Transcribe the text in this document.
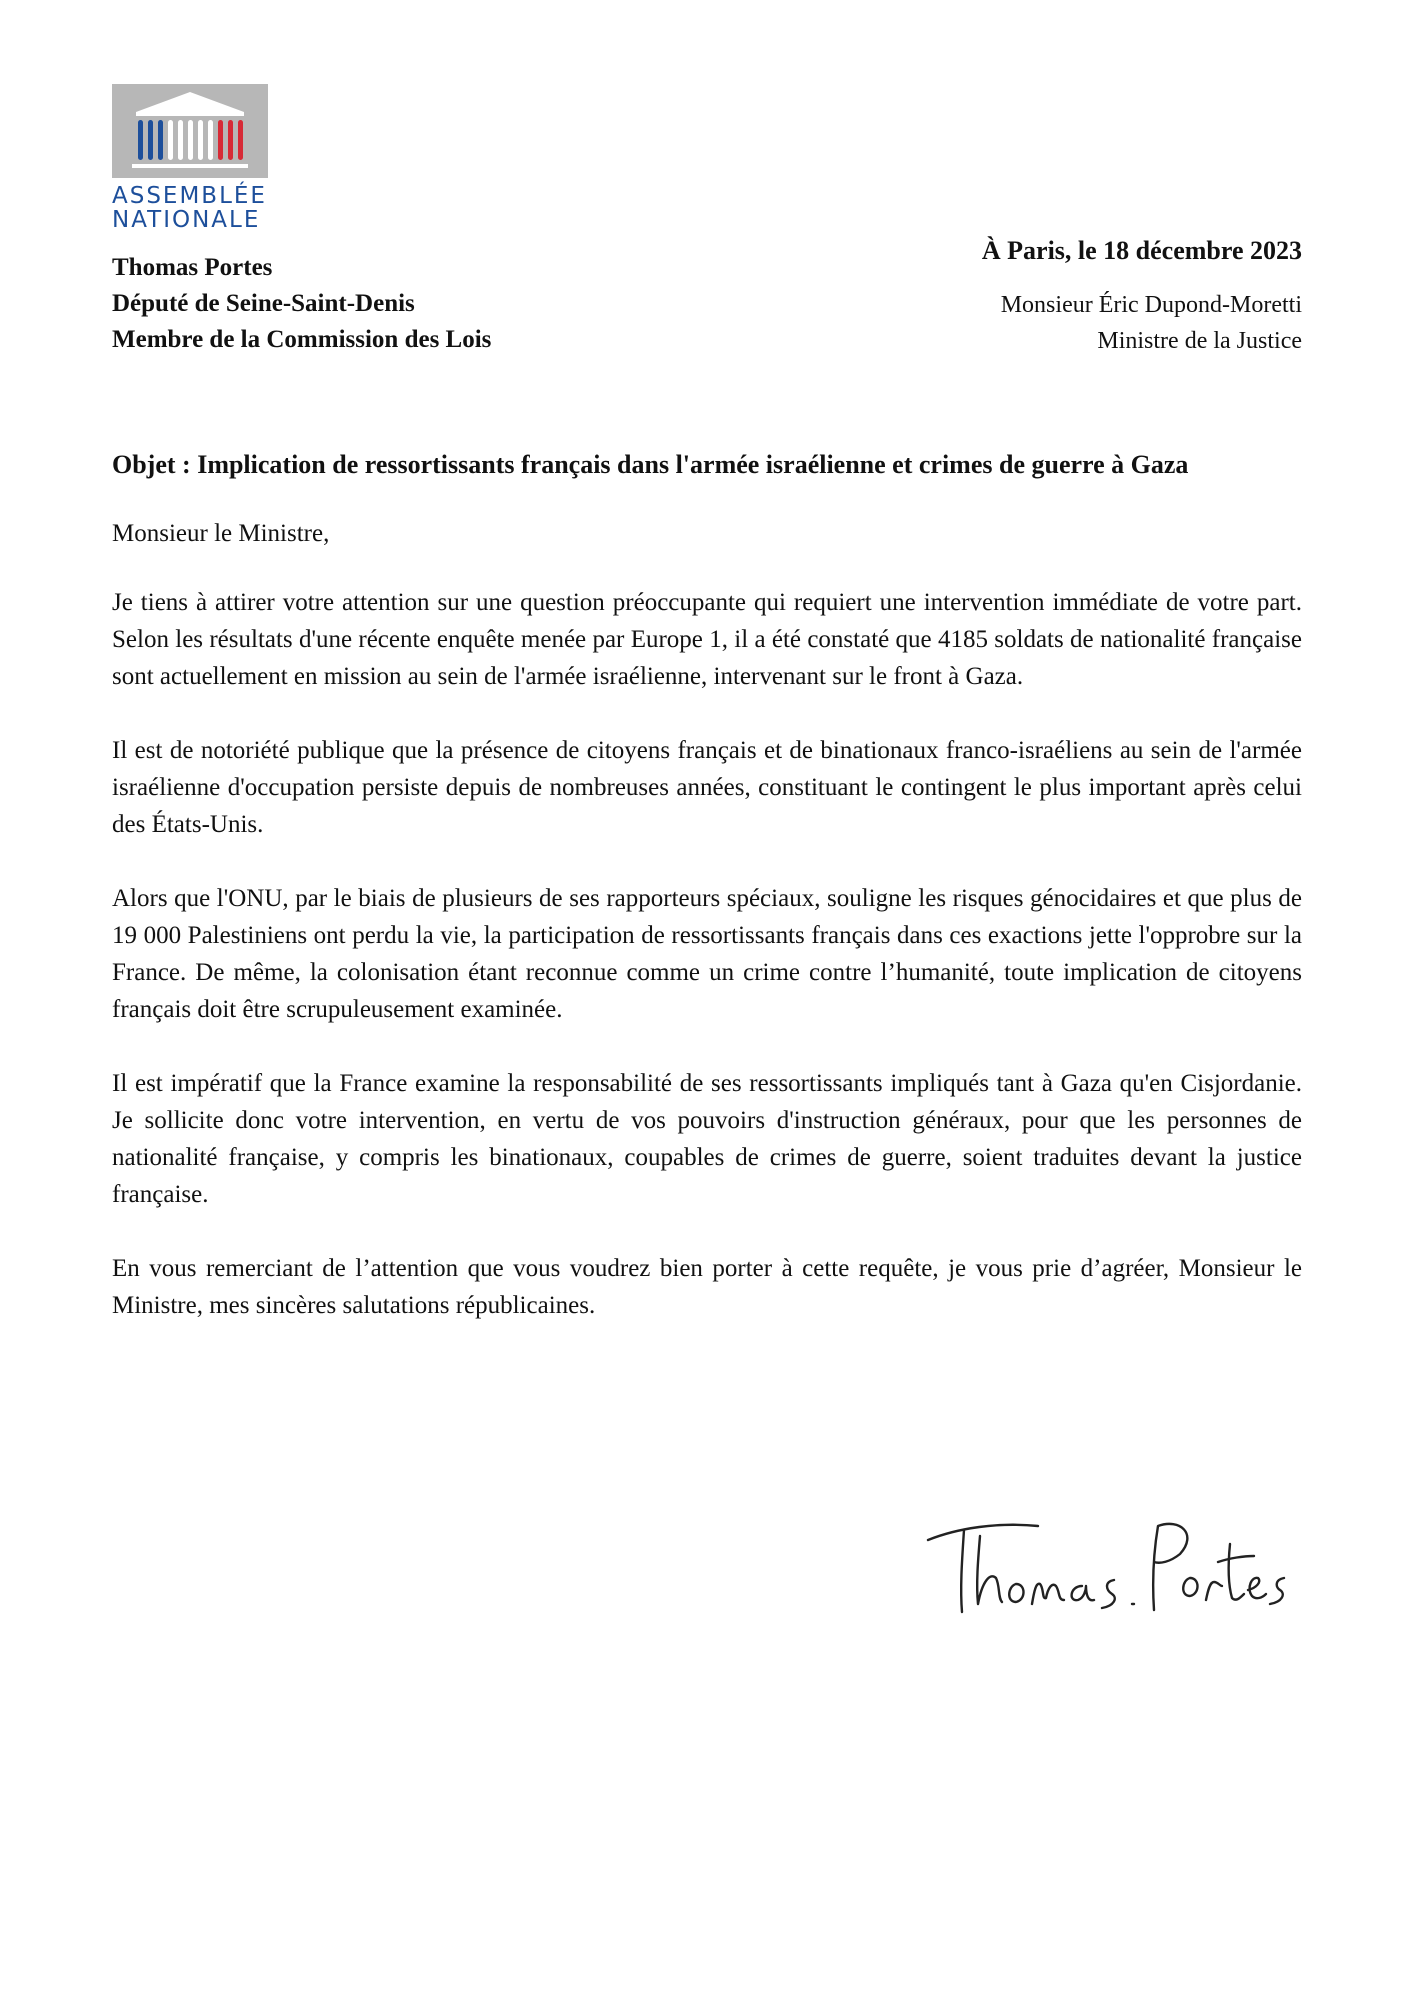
ASSEMBLÉE
NATIONALE
Thomas Portes
Député de Seine-Saint-Denis
Membre de la Commission des Lois
À Paris, le 18 décembre 2023
Monsieur Éric Dupond-Moretti
Ministre de la Justice

Objet : Implication de ressortissants français dans l'armée israélienne et crimes de guerre à Gaza

Monsieur le Ministre,

Je tiens à attirer votre attention sur une question préoccupante qui requiert une intervention immédiate de votre part. Selon les résultats d'une récente enquête menée par Europe 1, il a été constaté que 4185 soldats de nationalité française sont actuellement en mission au sein de l'armée israélienne, intervenant sur le front à Gaza.

Il est de notoriété publique que la présence de citoyens français et de binationaux franco-israéliens au sein de l'armée israélienne d'occupation persiste depuis de nombreuses années, constituant le contingent le plus important après celui des États-Unis.

Alors que l'ONU, par le biais de plusieurs de ses rapporteurs spéciaux, souligne les risques génocidaires et que plus de 19 000 Palestiniens ont perdu la vie, la participation de ressortissants français dans ces exactions jette l'opprobre sur la France. De même, la colonisation étant reconnue comme un crime contre l’humanité, toute implication de citoyens français doit être scrupuleusement examinée.

Il est impératif que la France examine la responsabilité de ses ressortissants impliqués tant à Gaza qu'en Cisjordanie. Je sollicite donc votre intervention, en vertu de vos pouvoirs d'instruction généraux, pour que les personnes de nationalité française, y compris les binationaux, coupables de crimes de guerre, soient traduites devant la justice française.

En vous remerciant de l’attention que vous voudrez bien porter à cette requête, je vous prie d’agréer, Monsieur le Ministre, mes sincères salutations républicaines.
